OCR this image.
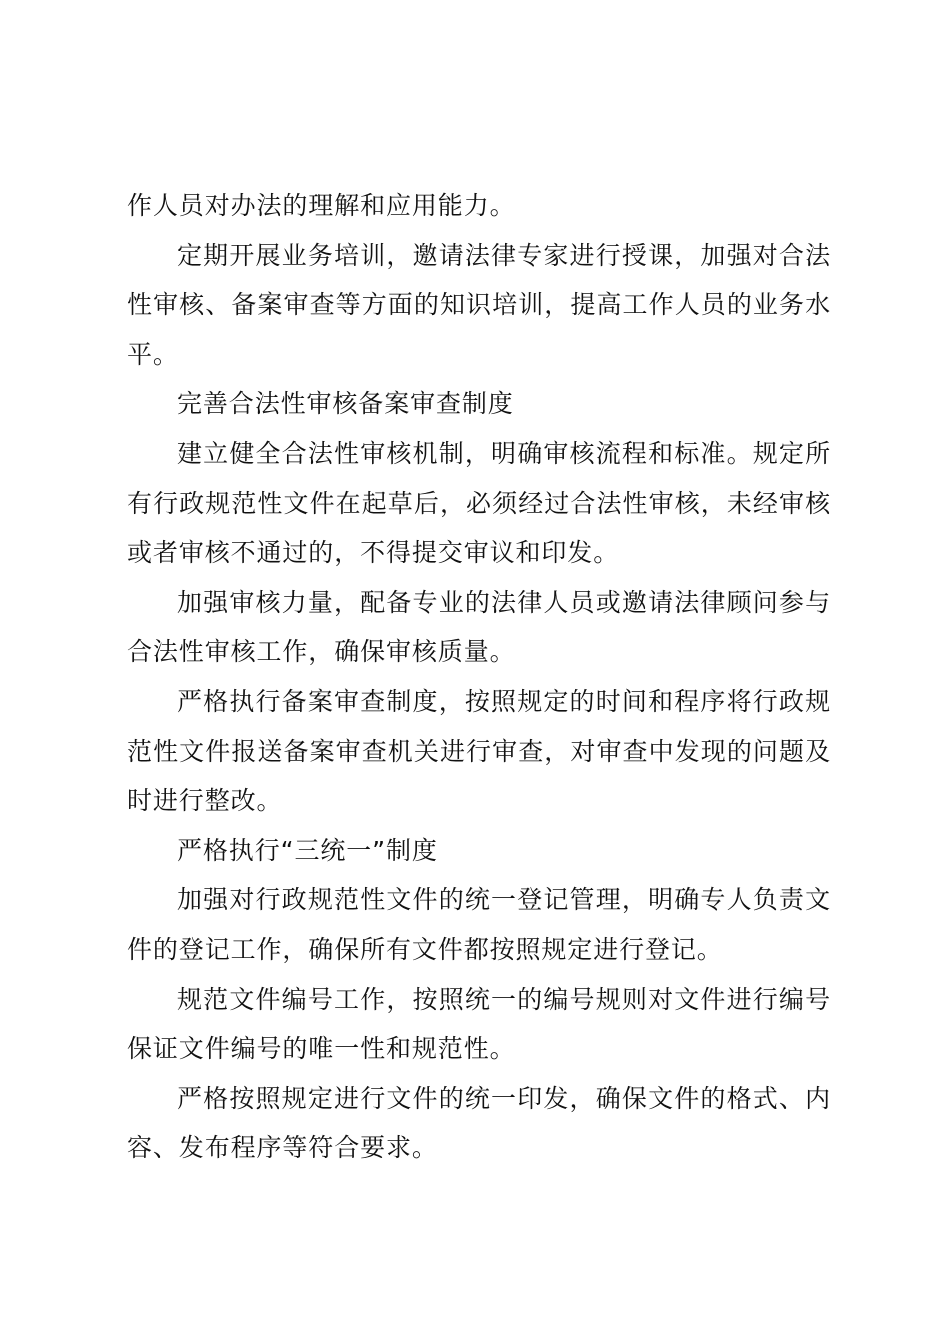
作人员对办法的理解和应用能力。

定期开展业务培训，邀请法律专家进行授课，加强对合法性审核、备案审查等方面的知识培训，提高工作人员的业务水平。

完善合法性审核备案审查制度

建立健全合法性审核机制，明确审核流程和标准。规定所有行政规范性文件在起草后，必须经过合法性审核，未经审核或者审核不通过的，不得提交审议和印发。

加强审核力量，配备专业的法律人员或邀请法律顾问参与合法性审核工作，确保审核质量。

严格执行备案审查制度，按照规定的时间和程序将行政规范性文件报送备案审查机关进行审查，对审查中发现的问题及时进行整改。

严格执行“三统一”制度

加强对行政规范性文件的统一登记管理，明确专人负责文件的登记工作，确保所有文件都按照规定进行登记。

规范文件编号工作，按照统一的编号规则对文件进行编号保证文件编号的唯一性和规范性。

严格按照规定进行文件的统一印发，确保文件的格式、内容、发布程序等符合要求。
